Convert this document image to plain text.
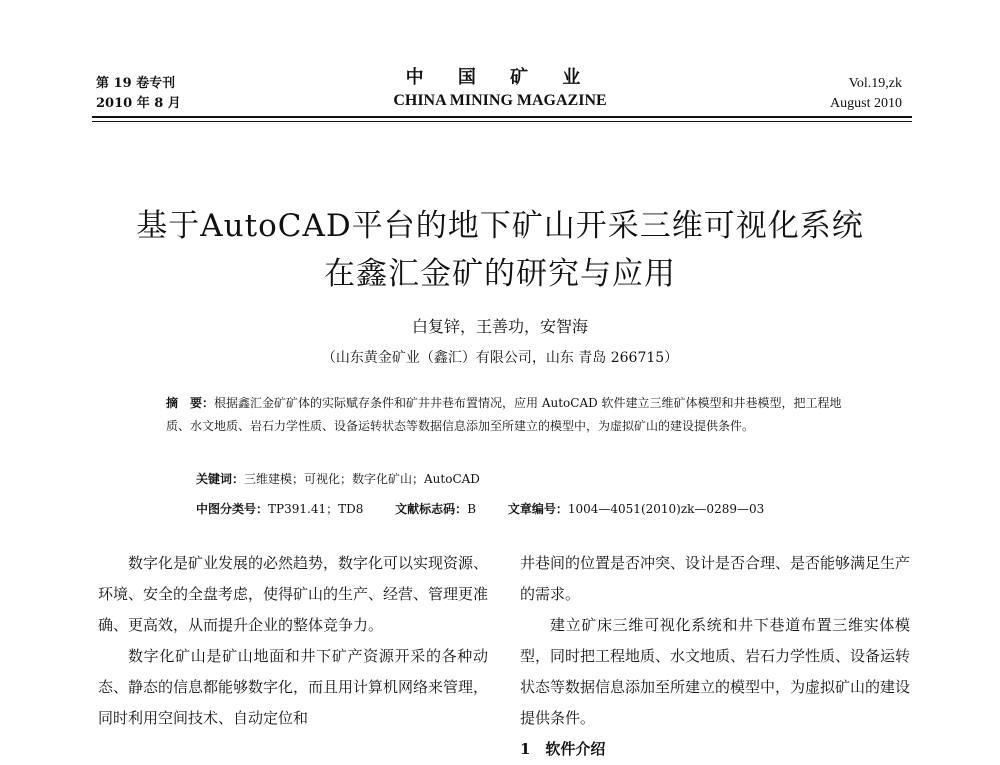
第 19 卷专刊
2010 年 8 月
中 国 矿 业
CHINA MINING MAGAZINE
Vol.19,zk
August 2010
基于AutoCAD平台的地下矿山开采三维可视化系统
在鑫汇金矿的研究与应用
白复锌，王善功，安智海
（山东黄金矿业（鑫汇）有限公司，山东 青岛 266715）
摘　要：根据鑫汇金矿矿体的实际赋存条件和矿井井巷布置情况，应用 AutoCAD 软件建立三维矿体模型和井巷模型，把工程地质、水文地质、岩石力学性质、设备运转状态等数据信息添加至所建立的模型中，为虚拟矿山的建设提供条件。
关键词：三维建模；可视化；数字化矿山；AutoCAD
中图分类号：TP391.41；TD8	文献标志码：B	文章编号：1004—4051(2010)zk—0289—03

数字化是矿业发展的必然趋势，数字化可以实现资源、环境、安全的全盘考虑，使得矿山的生产、经营、管理更准确、更高效，从而提升企业的整体竞争力。

数字化矿山是矿山地面和井下矿产资源开采的各种动态、静态的信息都能够数字化，而且用计算机网络来管理，同时利用空间技术、自动定位和

井巷间的位置是否冲突、设计是否合理、是否能够满足生产的需求。

建立矿床三维可视化系统和井下巷道布置三维实体模型，同时把工程地质、水文地质、岩石力学性质、设备运转状态等数据信息添加至所建立的模型中，为虚拟矿山的建设提供条件。

1　软件介绍
